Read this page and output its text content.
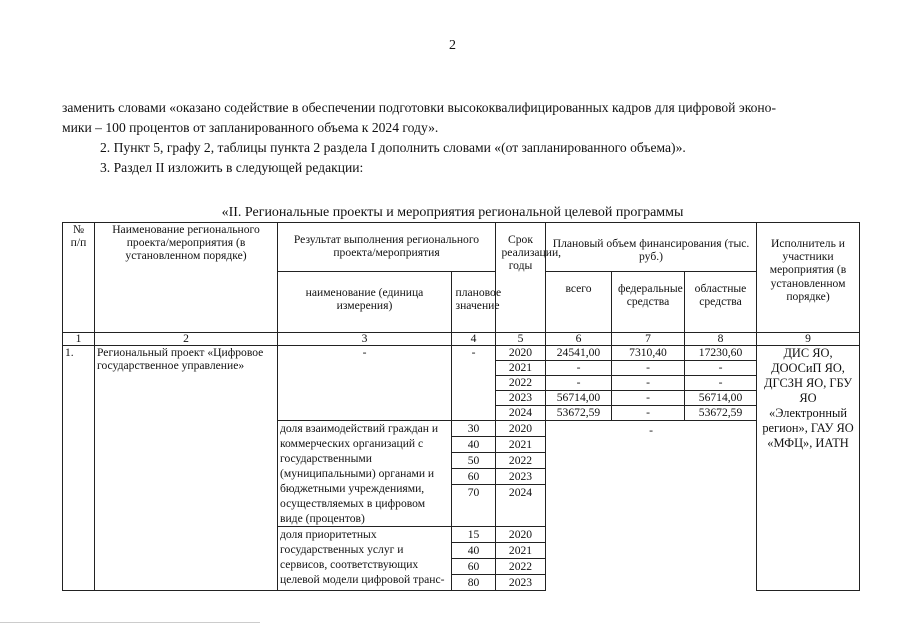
2
заменить словами «оказано содействие в обеспечении подготовки высококвалифицированных кадров для цифровой эконо-
мики – 100 процентов от запланированного объема к 2024 году».
2. Пункт 5, графу 2, таблицы пункта 2 раздела I дополнить словами «(от запланированного объема)».
3. Раздел II изложить в следующей редакции:
«II. Региональные проекты и мероприятия региональной целевой программы
№ п/п	Наименование регионального проекта/мероприятия (в установленном порядке)	Результат выполнения регионального проекта/мероприятия		Срок реализации, годы	Плановый объем финансирования (тыс. руб.)			Исполнитель и участники мероприятия (в установленном порядке)

		наименование (единица измерения)	плановое значение		всего	федеральные средства	областные средства	

1	2	3	4	5	6	7	8	9
1.	Региональный проект «Цифровое государственное управление»	-	-	2020	24541,00	7310,40	17230,60	ДИС ЯО, ДООСиП ЯО, ДГСЗН ЯО, ГБУ ЯО «Электронный регион», ГАУ ЯО «МФЦ», ИАТН

				2021	-	-	-	
				2022	-	-	-	
				2023	56714,00	-	56714,00	
				2024	53672,59	-	53672,59	

		доля взаимодействий граждан и коммерческих организаций с государственными (муниципальными) органами и бюджетными учреждениями, осуществляемых в цифровом виде (процентов)	30	2020	-			

			40	2021				
			50	2022				
			60	2023				
			70	2024				

		доля приоритетных государственных услуг и сервисов, соответствующих целевой модели цифровой транс-	15	2020				
			40	2021				
			60	2022				
			80	2023				
